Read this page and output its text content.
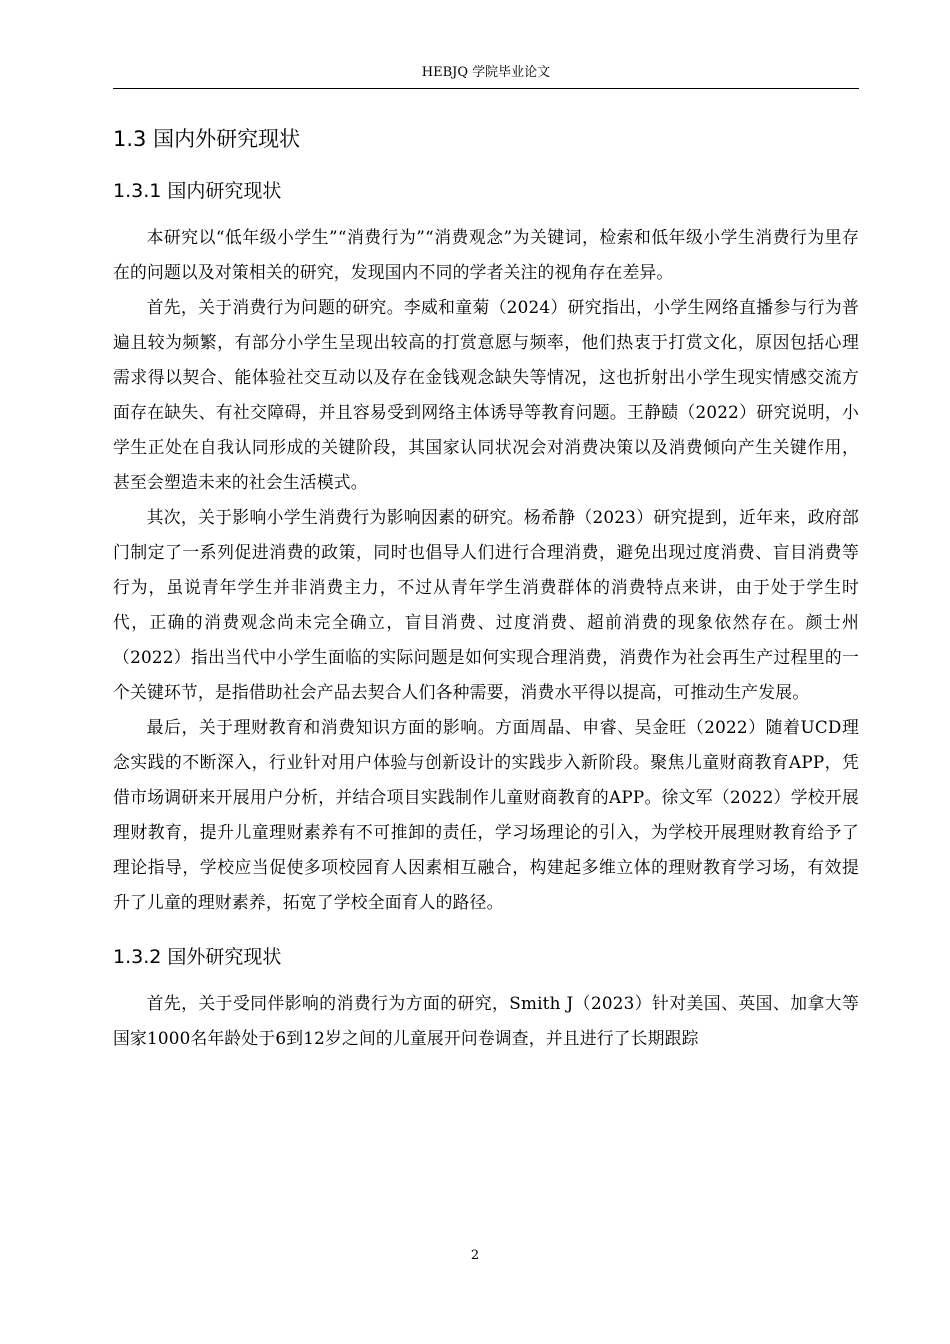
HEBJQ 学院毕业论文
1.3 国内外研究现状
1.3.1 国内研究现状

本研究以“低年级小学生”“消费行为”“消费观念”为关键词，检索和低年级小学生消费行为里存在的问题以及对策相关的研究，发现国内不同的学者关注的视角存在差异。

首先，关于消费行为问题的研究。李威和童菊（2024）研究指出，小学生网络直播参与行为普遍且较为频繁，有部分小学生呈现出较高的打赏意愿与频率，他们热衷于打赏文化，原因包括心理需求得以契合、能体验社交互动以及存在金钱观念缺失等情况，这也折射出小学生现实情感交流方面存在缺失、有社交障碍，并且容易受到网络主体诱导等教育问题。王静赜（2022）研究说明，小学生正处在自我认同形成的关键阶段，其国家认同状况会对消费决策以及消费倾向产生关键作用，甚至会塑造未来的社会生活模式。

其次，关于影响小学生消费行为影响因素的研究。杨希静（2023）研究提到，近年来，政府部门制定了一系列促进消费的政策，同时也倡导人们进行合理消费，避免出现过度消费、盲目消费等行为，虽说青年学生并非消费主力，不过从青年学生消费群体的消费特点来讲，由于处于学生时代，正确的消费观念尚未完全确立，盲目消费、过度消费、超前消费的现象依然存在。颜士州（2022）指出当代中小学生面临的实际问题是如何实现合理消费，消费作为社会再生产过程里的一个关键环节，是指借助社会产品去契合人们各种需要，消费水平得以提高，可推动生产发展。

最后，关于理财教育和消费知识方面的影响。方面周晶、申睿、吴金旺（2022）随着UCD理念实践的不断深入，行业针对用户体验与创新设计的实践步入新阶段。聚焦儿童财商教育APP，凭借市场调研来开展用户分析，并结合项目实践制作儿童财商教育的APP。徐文军（2022）学校开展理财教育，提升儿童理财素养有不可推卸的责任，学习场理论的引入，为学校开展理财教育给予了理论指导，学校应当促使多项校园育人因素相互融合，构建起多维立体的理财教育学习场，有效提升了儿童的理财素养，拓宽了学校全面育人的路径。

1.3.2 国外研究现状

首先，关于受同伴影响的消费行为方面的研究，Smith J（2023）针对美国、英国、加拿大等国家1000名年龄处于6到12岁之间的儿童展开问卷调查，并且进行了长期跟踪

2
